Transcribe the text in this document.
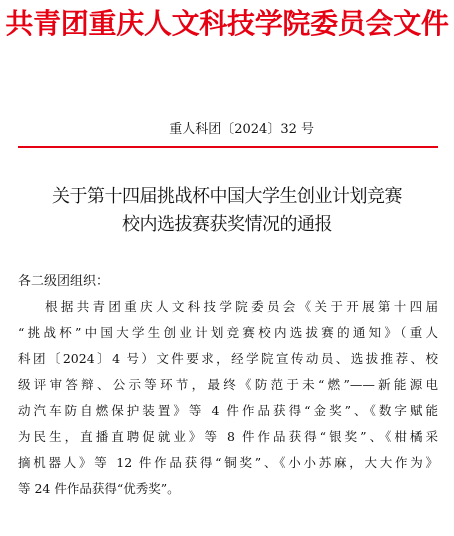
共青团重庆人文科技学院委员会文件
重人科团〔2024〕32 号
关于第十四届挑战杯中国大学生创业计划竞赛
校内选拔赛获奖情况的通报
各二级团组织：
根据共青团重庆人文科技学院委员会《关于开展第十四届
“挑战杯”中国大学生创业计划竞赛校内选拔赛的通知》（重人
科团〔2024〕4 号）文件要求，经学院宣传动员、选拔推荐、校
级评审答辩、公示等环节，最终《防范于未“燃”——新能源电
动汽车防自燃保护装置》等 4 件作品获得“金奖”、《数字赋能
为民生，直播直聘促就业》等 8 件作品获得“银奖”、《柑橘采
摘机器人》等 12 件作品获得“铜奖”、《小小苏麻，大大作为》
等 24 件作品获得“优秀奖”。
